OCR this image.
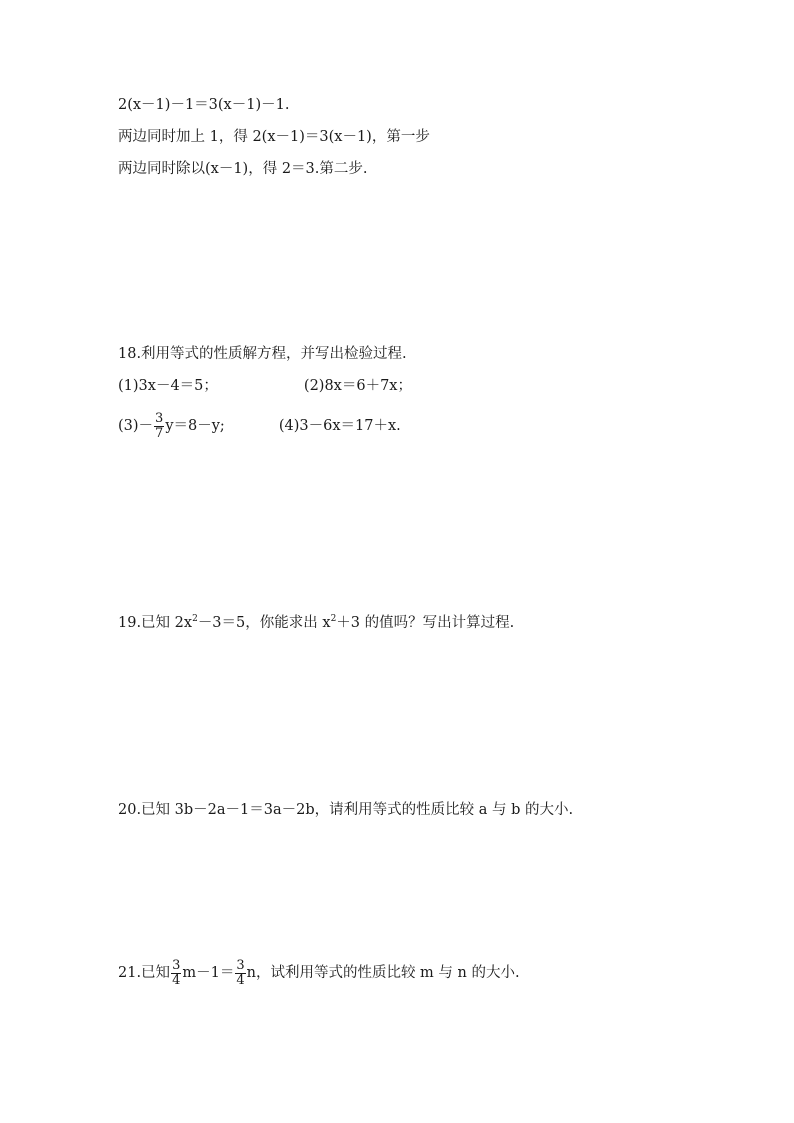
2(x－1)－1＝3(x－1)－1.
两边同时加上 1，得 2(x－1)＝3(x－1)，第一步
两边同时除以(x－1)，得 2＝3.第二步.
18.利用等式的性质解方程，并写出检验过程.
(1)3x－4＝5；	(2)8x＝6＋7x；
$(3)- \frac{3}{7} y=8-y$;	(4)3－6x＝17＋x.
19.已知 $2x^2-3=5$，你能求出 $x^2+3$ 的值吗？写出计算过程.
20.已知 3b－2a－1＝3a－2b，请利用等式的性质比较 a 与 b 的大小.
21.已知 $\frac{3}{4} m-1= \frac{3}{4}$ n，试利用等式的性质比较 m 与 n 的大小.
